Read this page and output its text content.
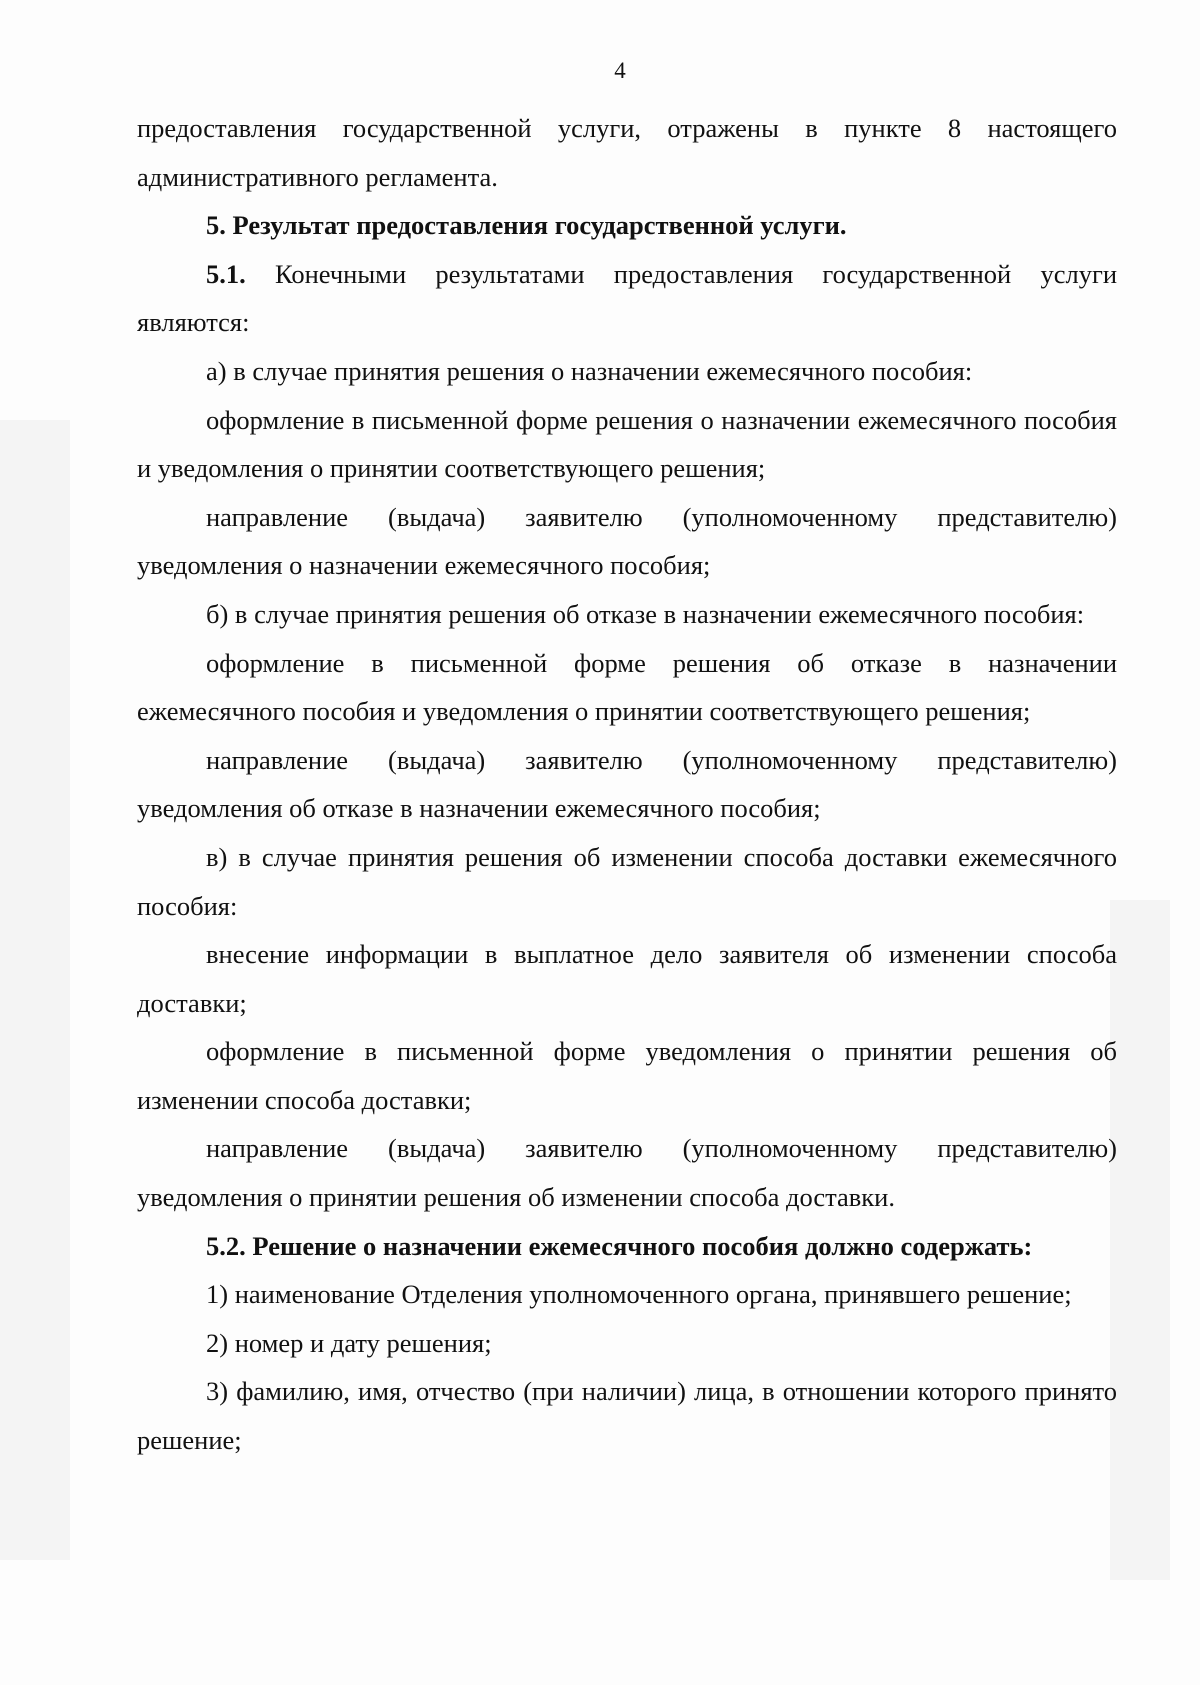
4

предоставления государственной услуги, отражены в пункте 8 настоящего административного регламента.

5. Результат предоставления государственной услуги.

5.1. Конечными результатами предоставления государственной услуги являются:

а) в случае принятия решения о назначении ежемесячного пособия:

оформление в письменной форме решения о назначении ежемесячного пособия и уведомления о принятии соответствующего решения;

направление (выдача) заявителю (уполномоченному представителю) уведомления о назначении ежемесячного пособия;

б) в случае принятия решения об отказе в назначении ежемесячного пособия:

оформление в письменной форме решения об отказе в назначении ежемесячного пособия и уведомления о принятии соответствующего решения;

направление (выдача) заявителю (уполномоченному представителю) уведомления об отказе в назначении ежемесячного пособия;

в) в случае принятия решения об изменении способа доставки ежемесячного пособия:

внесение информации в выплатное дело заявителя об изменении способа доставки;

оформление в письменной форме уведомления о принятии решения об изменении способа доставки;

направление (выдача) заявителю (уполномоченному представителю) уведомления о принятии решения об изменении способа доставки.

5.2. Решение о назначении ежемесячного пособия должно содержать:

1) наименование Отделения уполномоченного органа, принявшего решение;

2) номер и дату решения;

3) фамилию, имя, отчество (при наличии) лица, в отношении которого принято решение;
